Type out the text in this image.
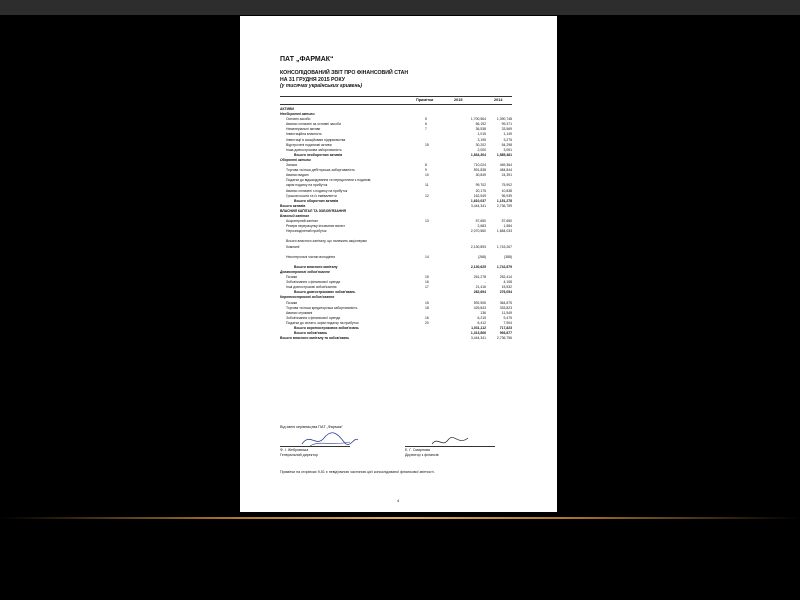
ПАТ „ФАРМАК“
КОНСОЛІДОВАНИЙ ЗВІТ ПРО ФІНАНСОВИЙ СТАН
НА 31 ГРУДНЯ 2015 РОКУ
(у тисячах українських гривень)
Примітки	2015	2014
АКТИВИ
Необоротні активи
Основні засоби	5	1,700,564	1,390,748
Аванси сплачені за основні засоби	6	56,192	99,371
Нематеріальні активи	7	36,538	33,569
Інвестиційна власність	1,015	1,149
Інвестиції в асоційовані підприємства	3,195	3,275
Відстрочені податкові активи	15	30,202	54,298
Інша довгострокова заборгованість	2,000	3,051
Всього необоротних активів	1,834,304	1,585,481
Оборотні активи
Запаси	8	710,024	469,364
Торгова та інша дебіторська заборгованість	9	591,838	484,844
Аванси видані	10	30,849	24,391
Податки до відшкодування та передоплати з податків,
окрім податку на прибуток	11	99,702	75,902
Аванси сплачені з податку на прибуток	20,175	10,838
Грошові кошти та їх еквіваленти	12	162,549	96,939
Всього оборотних активів	1,610,037	1,151,278
Всього активів	3,444,341	2,736,759
ВЛАСНИЙ КАПІТАЛ ТА ЗОБОВ'ЯЗАННЯ
Власний капітал
Акціонерний капітал	13	57,650	57,650
Резерв перерахунку іноземних валют	2,683	1,584
Нерозподілений прибуток	2,070,560	1,684,033
Всього власного капіталу, що належить акціонерам
Компанії	2,130,893	1,743,267
Неконтрольні частки володіння	14	(268)	(388)
Всього власного капіталу	2,130,625	1,742,879
Довгострокові зобов'язання
Позики	15	261,278	252,414
Зобов'язання з фінансової оренди	16	-	4,108
Інші довгострокові зобов'язання	17	21,416	15,532
Всього довгострокових зобов'язань	282,694	276,054
Короткострокові зобов'язання
Позики	15	592,506	364,875
Торгова та інша кредиторська заборгованість	18	425,843	333,823
Аванси отримані	136	11,549
Зобов'язання з фінансової оренди	16	6,215	9,475
Податки до сплати, окрім податку на прибуток	20	6,412	7,904
Всього короткострокових зобов'язань	1,031,112	717,823
Всього зобов'язань	1,313,806	993,877
Всього власного капіталу та зобов'язань	3,444,341	2,736,756
Від імені керівництва ПАТ „Фармак“
Ф. І. Жебровська
Генеральний директор
Е. Г. Смирнова
Директор з фінансів
Примітки на сторінках 9-51 є невід'ємною частиною цієї консолідованої фінансової звітності.
4
